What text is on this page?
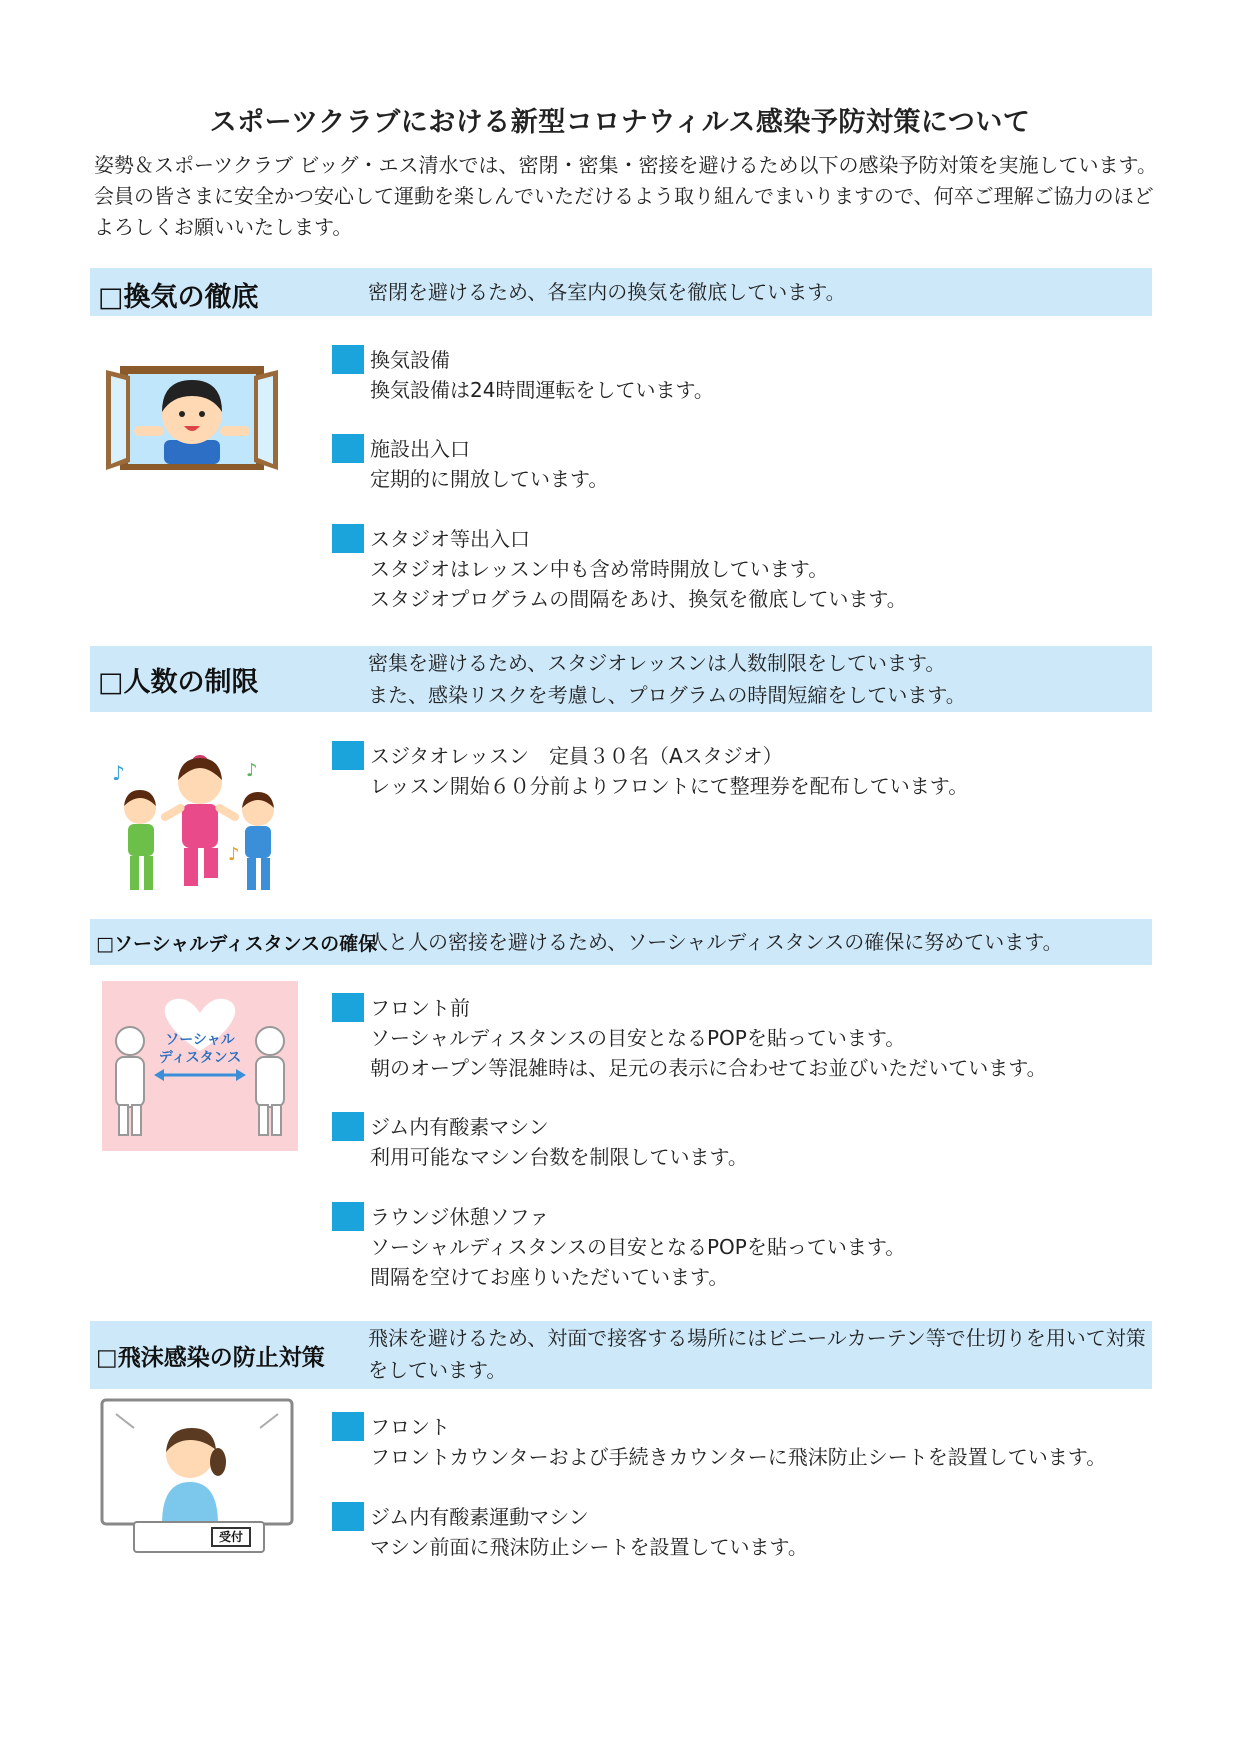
スポーツクラブにおける新型コロナウィルス感染予防対策について
姿勢＆スポーツクラブ ビッグ・エス清水では、密閉・密集・密接を避けるため以下の感染予防対策を実施しています。
会員の皆さまに安全かつ安心して運動を楽しんでいただけるよう取り組んでまいりますので、何卒ご理解ご協力のほど
よろしくお願いいたします。
□換気の徹底	密閉を避けるため、各室内の換気を徹底しています。
換気設備
換気設備は24時間運転をしています。
施設出入口
定期的に開放しています。
スタジオ等出入口
スタジオはレッスン中も含め常時開放しています。
スタジオプログラムの間隔をあけ、換気を徹底しています。
□人数の制限
密集を避けるため、スタジオレッスンは人数制限をしています。
また、感染リスクを考慮し、プログラムの時間短縮をしています。
♪	♪
♪
スジタオレッスン　定員３０名（Aスタジオ）
レッスン開始６０分前よりフロントにて整理券を配布しています。
□ソーシャルディスタンスの確保
人と人の密接を避けるため、ソーシャルディスタンスの確保に努めています。
ソーシャル
ディスタンス
フロント前
ソーシャルディスタンスの目安となるPOPを貼っています。
朝のオープン等混雑時は、足元の表示に合わせてお並びいただいています。
ジム内有酸素マシン
利用可能なマシン台数を制限しています。
ラウンジ休憩ソファ
ソーシャルディスタンスの目安となるPOPを貼っています。
間隔を空けてお座りいただいています。
□飛沫感染の防止対策
飛沫を避けるため、対面で接客する場所にはビニールカーテン等で仕切りを用いて対策
をしています。
受付
フロント
フロントカウンターおよび手続きカウンターに飛沫防止シートを設置しています。
ジム内有酸素運動マシン
マシン前面に飛沫防止シートを設置しています。
